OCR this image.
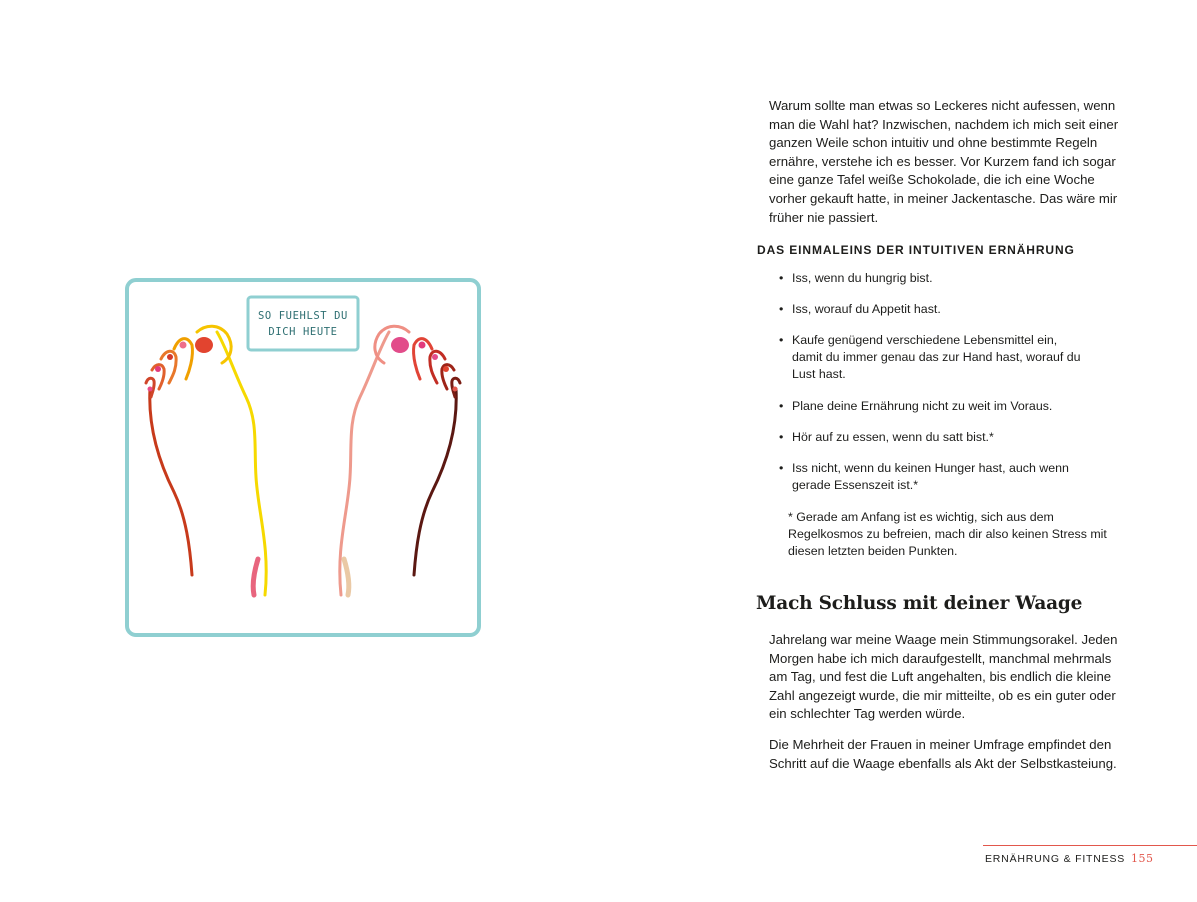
SO FUEHLST DU
DICH HEUTE

Warum sollte man etwas so Leckeres nicht aufessen, wenn man die Wahl hat? Inzwischen, nachdem ich mich seit einer ganzen Weile schon intuitiv und ohne bestimmte Regeln ernähre, verstehe ich es besser. Vor Kurzem fand ich sogar eine ganze Tafel weiße Schokolade, die ich eine Woche vorher gekauft hatte, in meiner Jackentasche. Das wäre mir früher nie passiert.

DAS EINMALEINS DER INTUITIVEN ERNÄHRUNG
• Iss, wenn du hungrig bist.
• Iss, worauf du Appetit hast.
• Kaufe genügend verschiedene Lebensmittel ein, damit du immer genau das zur Hand hast, worauf du Lust hast.
• Plane deine Ernährung nicht zu weit im Voraus.
• Hör auf zu essen, wenn du satt bist.*
• Iss nicht, wenn du keinen Hunger hast, auch wenn gerade Essenszeit ist.*

* Gerade am Anfang ist es wichtig, sich aus dem Regelkosmos zu befreien, mach dir also keinen Stress mit diesen letzten beiden Punkten.

Mach Schluss mit deiner Waage

Jahrelang war meine Waage mein Stimmungsorakel. Jeden Morgen habe ich mich daraufgestellt, manchmal mehrmals am Tag, und fest die Luft angehalten, bis endlich die kleine Zahl angezeigt wurde, die mir mitteilte, ob es ein guter oder ein schlechter Tag werden würde.

Die Mehrheit der Frauen in meiner Umfrage empfindet den Schritt auf die Waage ebenfalls als Akt der Selbstkasteiung.

ERNÄHRUNG & FITNESS 155
